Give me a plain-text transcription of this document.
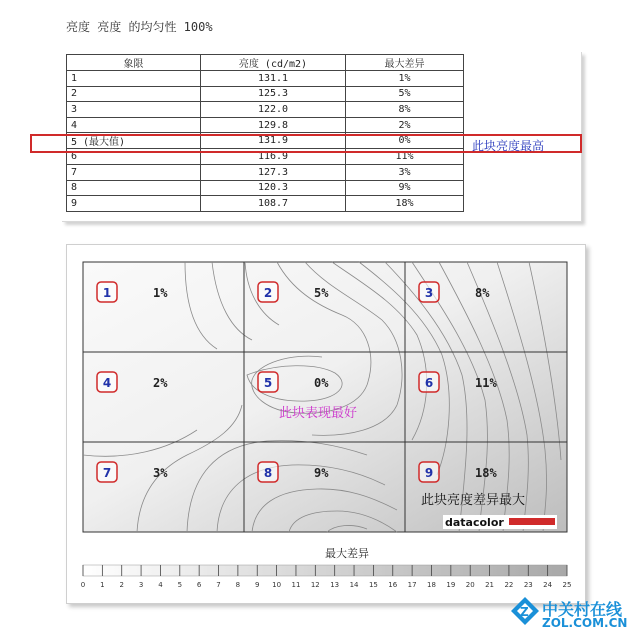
亮度 亮度 的均匀性 100%
象限	亮度 (cd/m2)	最大差异
1	131.1	1%
2	125.3	5%
3	122.0	8%
4	129.8	2%
5 (最大值)	131.9	0%
6	116.9	11%
7	127.3	3%
8	120.3	9%
9	108.7	18%
此块亮度最高
1	1%	2	5%	3	8%
4	2%	5	0%	6	11%
7	3%	8	9%	9	18%
此块表现最好
此块亮度差异最大
datacolor
最大差异
0 1 2 3 4 5 6 7 8 9 10 11 12 13 14 15 16 17 18 19 20 21 22 23 24 25
Z 中关村在线
ZOL.COM.CN
